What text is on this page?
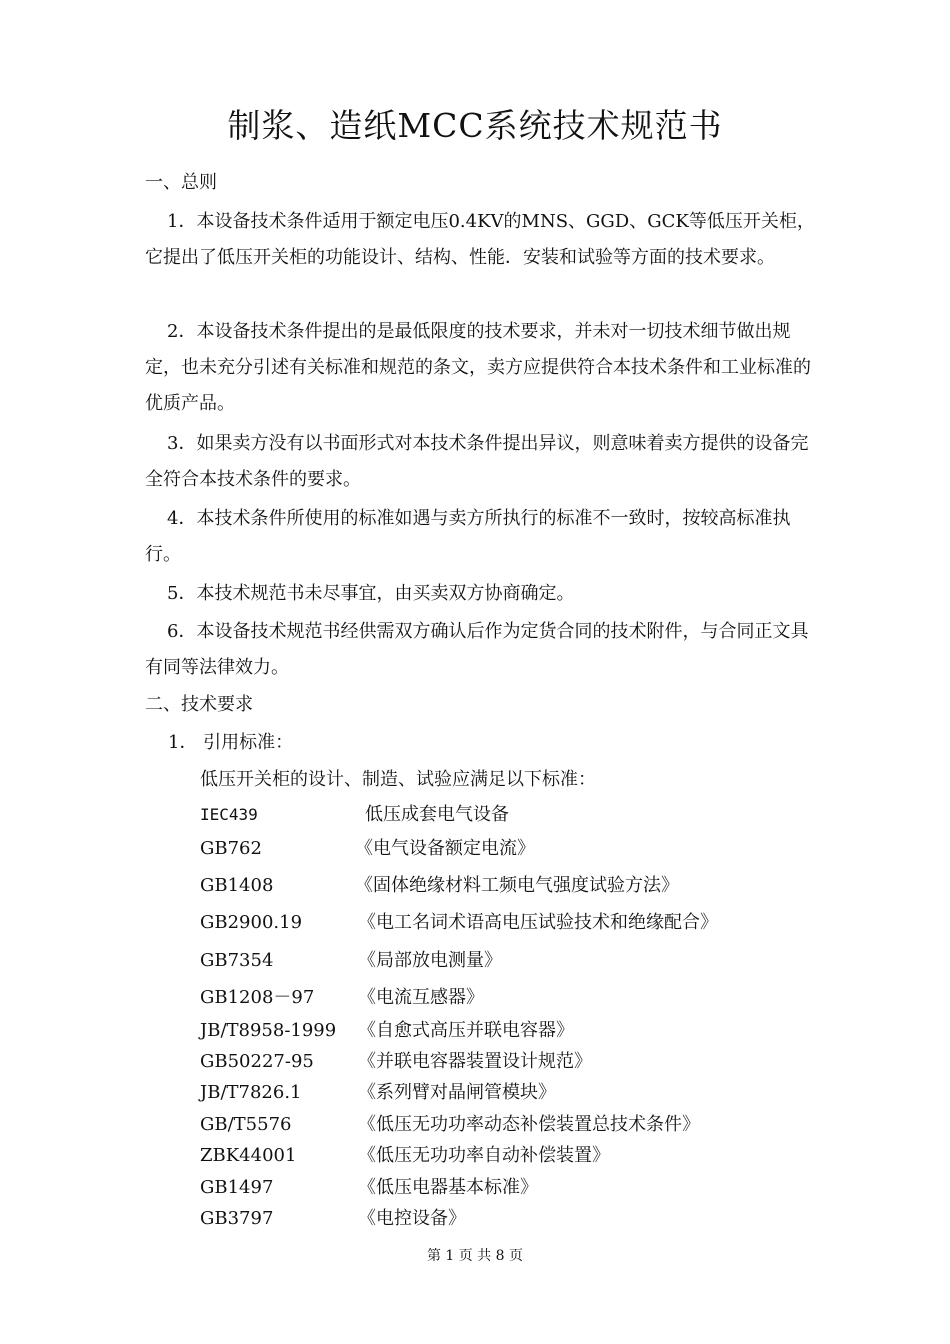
制浆、造纸MCC系统技术规范书

一、总则

1．本设备技术条件适用于额定电压0.4KV的MNS、GGD、GCK等低压开关柜，它提出了低压开关柜的功能设计、结构、性能．安装和试验等方面的技术要求。

2．本设备技术条件提出的是最低限度的技术要求，并未对一切技术细节做出规定，也未充分引述有关标准和规范的条文，卖方应提供符合本技术条件和工业标准的优质产品。

3．如果卖方没有以书面形式对本技术条件提出异议，则意味着卖方提供的设备完全符合本技术条件的要求。

4．本技术条件所使用的标准如遇与卖方所执行的标准不一致时，按较高标准执行。

5．本技术规范书未尽事宜，由买卖双方协商确定。

6．本设备技术规范书经供需双方确认后作为定货合同的技术附件，与合同正文具有同等法律效力。

二、技术要求

1． 引用标准：

低压开关柜的设计、制造、试验应满足以下标准：

IEC439	低压成套电气设备
GB762	《电气设备额定电流》
GB1408	《固体绝缘材料工频电气强度试验方法》
GB2900.19	《电工名词术语高电压试验技术和绝缘配合》
GB7354	《局部放电测量》
GB1208－97 《电流互感器》
JB/T8958-1999 《自愈式高压并联电容器》
GB50227-95 《并联电容器装置设计规范》
JB/T7826.1	《系列臂对晶闸管模块》
GB/T5576	《低压无功功率动态补偿装置总技术条件》
ZBK44001	《低压无功功率自动补偿装置》
GB1497	《低压电器基本标准》
GB3797	《电控设备》
第 1 页 共 8 页
